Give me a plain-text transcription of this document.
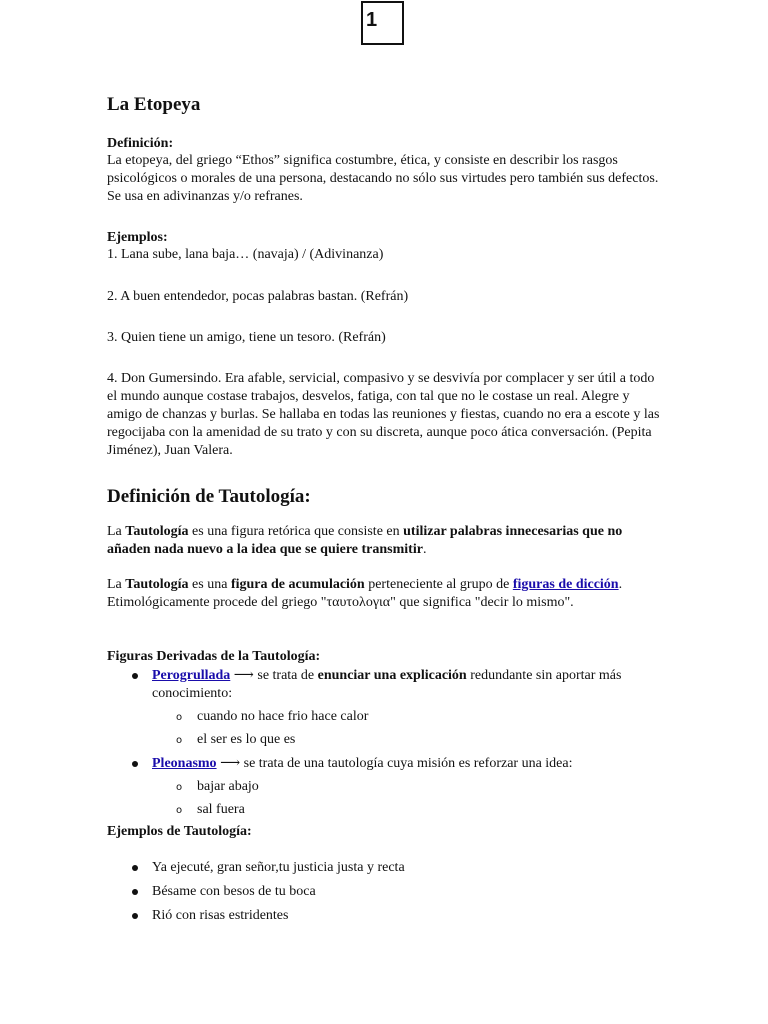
1
La Etopeya

Definición:

La etopeya, del griego “Ethos” significa costumbre, ética, y consiste en describir los rasgos psicológicos o morales de una persona, destacando no sólo sus virtudes pero también sus defectos. Se usa en adivinanzas y/o refranes.

Ejemplos:

1. Lana sube, lana baja… (navaja) / (Adivinanza)

2. A buen entendedor, pocas palabras bastan. (Refrán)

3. Quien tiene un amigo, tiene un tesoro. (Refrán)

4. Don Gumersindo. Era afable, servicial, compasivo y se desvivía por complacer y ser útil a todo el mundo aunque costase trabajos, desvelos, fatiga, con tal que no le costase un real. Alegre y amigo de chanzas y burlas. Se hallaba en todas las reuniones y fiestas, cuando no era a escote y las regocijaba con la amenidad de su trato y con su discreta, aunque poco ática conversación. (Pepita Jiménez), Juan Valera.

Definición de Tautología:

La Tautología es una figura retórica que consiste en utilizar palabras innecesarias que no añaden nada nuevo a la idea que se quiere transmitir.

La Tautología es una figura de acumulación perteneciente al grupo de figuras de dicción. Etimológicamente procede del griego "ταυτολογια" que significa "decir lo mismo".

Figuras Derivadas de la Tautología:

Perogrullada ⟶ se trata de enunciar una explicación redundante sin aportar más conocimiento:
o cuando no hace frio hace calor
o el ser es lo que es
Pleonasmo ⟶ se trata de una tautología cuya misión es reforzar una idea:
o bajar abajo
o sal fuera

Ejemplos de Tautología:

Ya ejecuté, gran señor,tu justicia justa y recta
Bésame con besos de tu boca
Rió con risas estridentes
